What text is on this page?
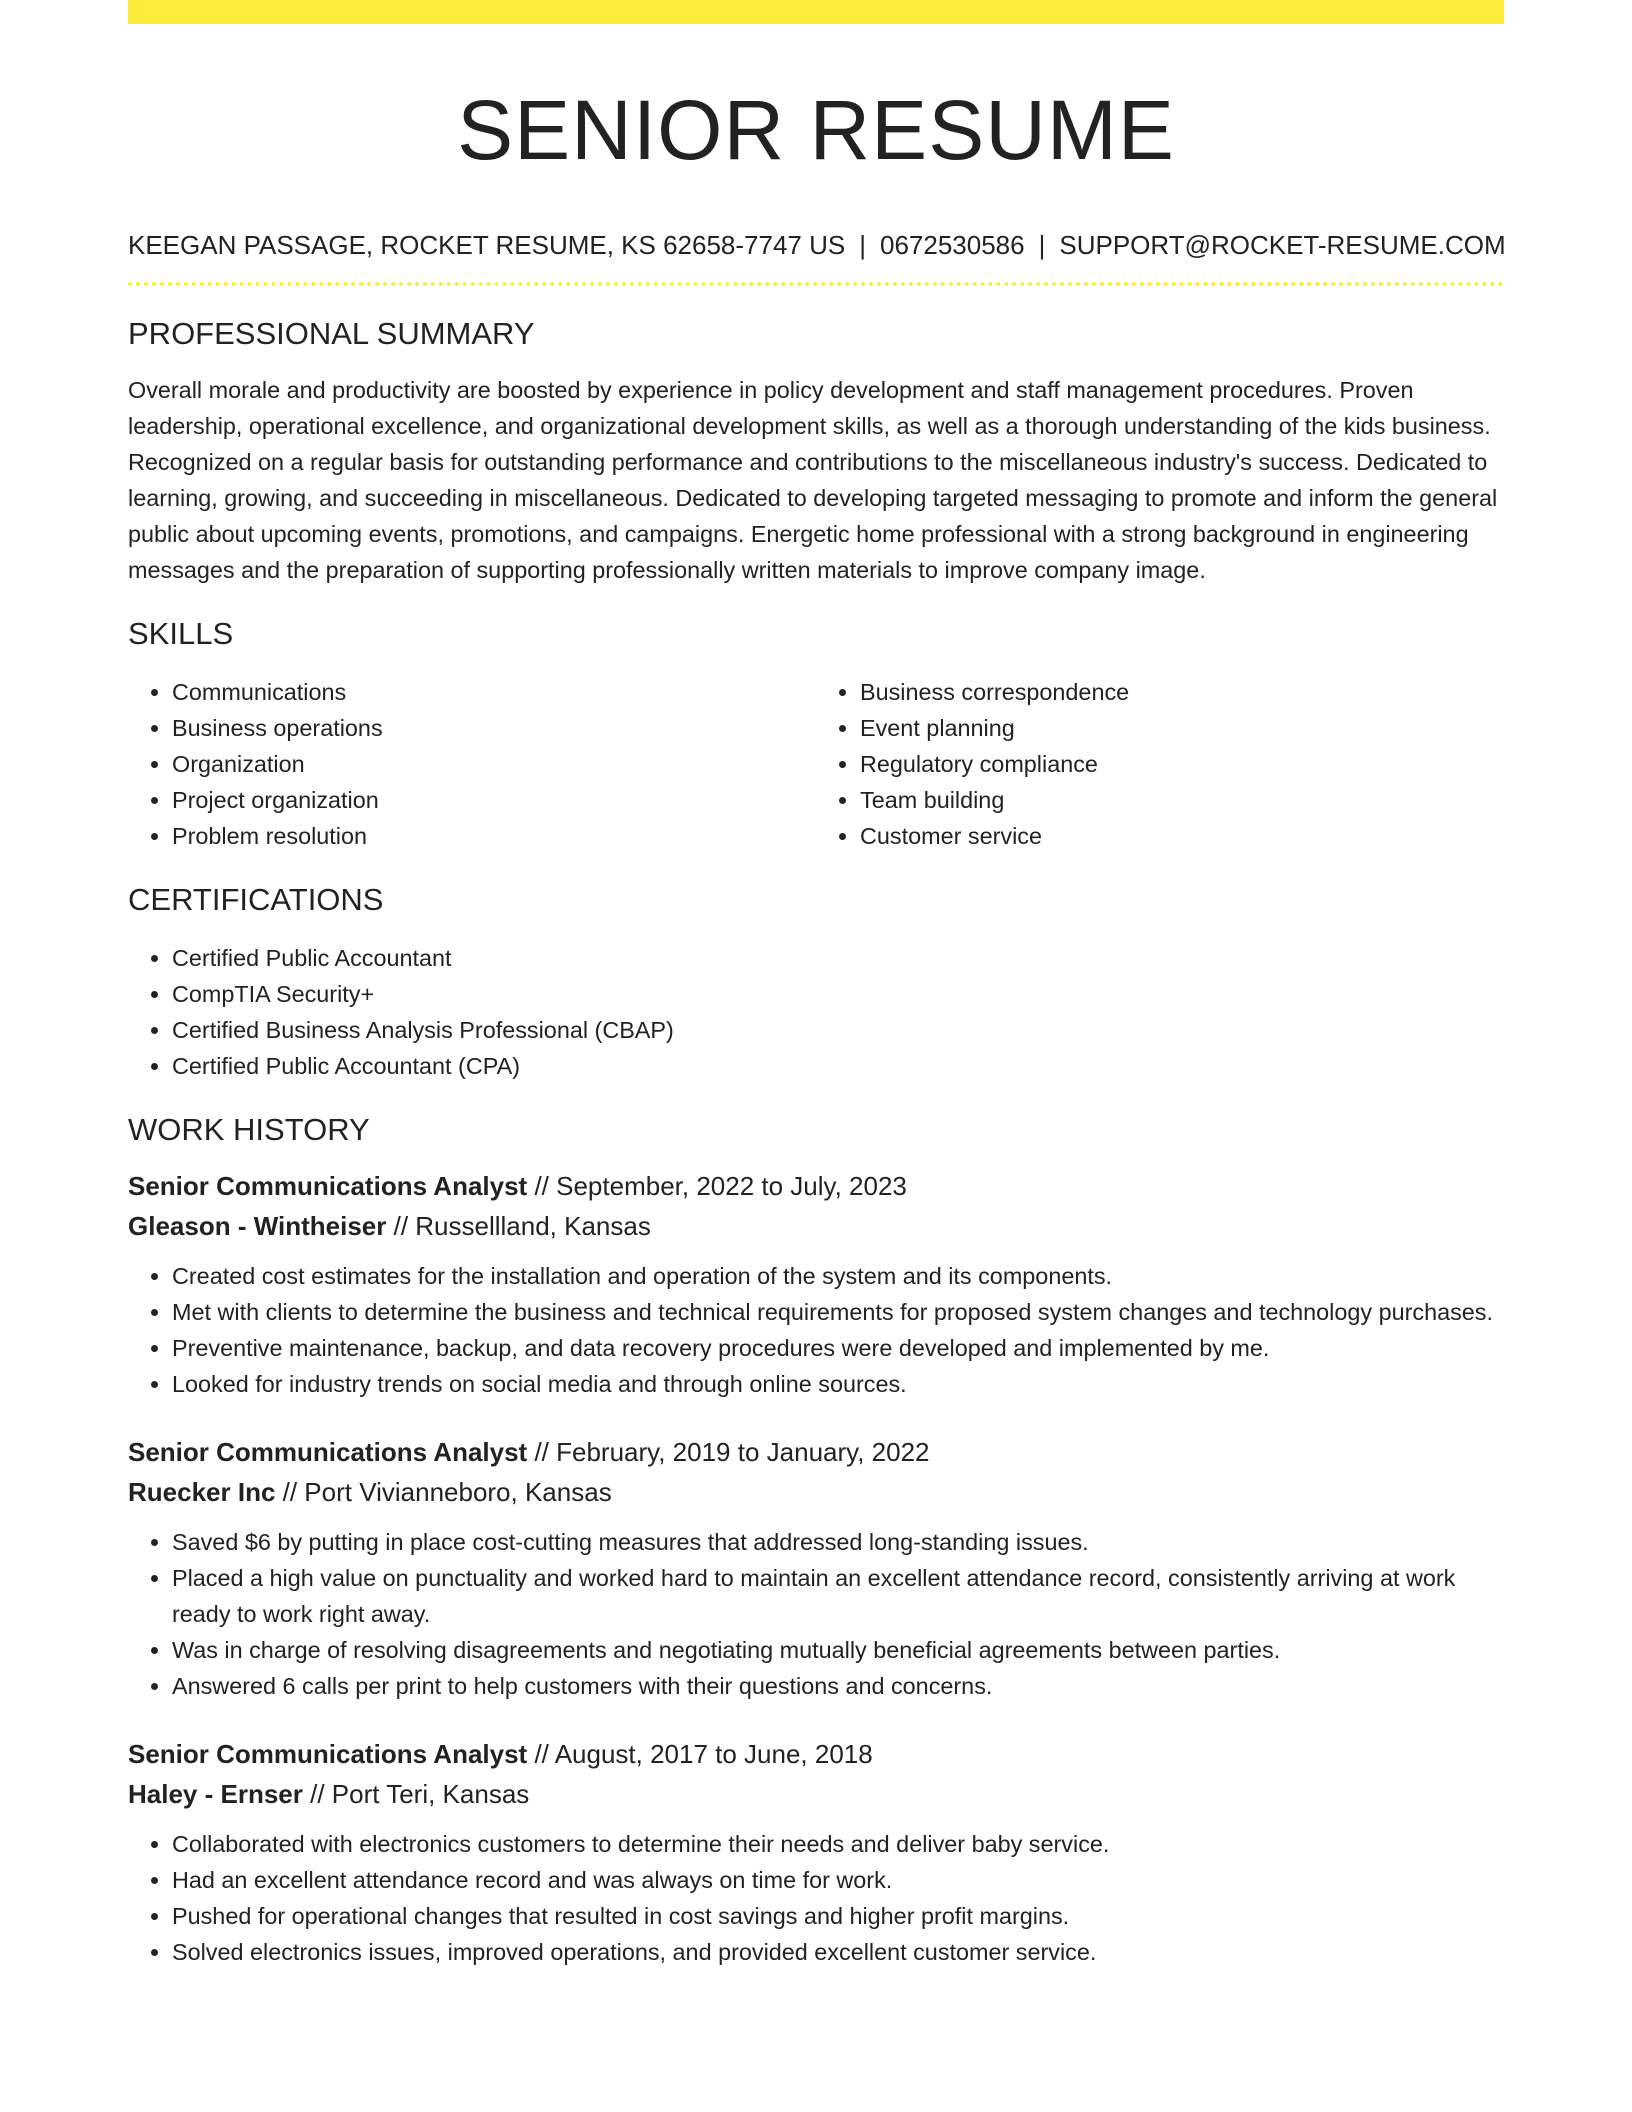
SENIOR RESUME
KEEGAN PASSAGE, ROCKET RESUME, KS 62658-7747 US | 0672530586 | SUPPORT@ROCKET-RESUME.COM
PROFESSIONAL SUMMARY

Overall morale and productivity are boosted by experience in policy development and staff management procedures. Proven leadership, operational excellence, and organizational development skills, as well as a thorough understanding of the kids business. Recognized on a regular basis for outstanding performance and contributions to the miscellaneous industry's success. Dedicated to learning, growing, and succeeding in miscellaneous. Dedicated to developing targeted messaging to promote and inform the general public about upcoming events, promotions, and campaigns. Energetic home professional with a strong background in engineering messages and the preparation of supporting professionally written materials to improve company image.

SKILLS
• Communications
• Business operations
• Organization
• Project organization
• Problem resolution
• Business correspondence
• Event planning
• Regulatory compliance
• Team building
• Customer service
CERTIFICATIONS
• Certified Public Accountant
• CompTIA Security+
• Certified Business Analysis Professional (CBAP)
• Certified Public Accountant (CPA)
WORK HISTORY
Senior Communications Analyst // September, 2022 to July, 2023
Gleason - Wintheiser // Russellland, Kansas
• Created cost estimates for the installation and operation of the system and its components.
• Met with clients to determine the business and technical requirements for proposed system changes and technology purchases.
• Preventive maintenance, backup, and data recovery procedures were developed and implemented by me.
• Looked for industry trends on social media and through online sources.
Senior Communications Analyst // February, 2019 to January, 2022
Ruecker Inc // Port Vivianneboro, Kansas
• Saved $6 by putting in place cost-cutting measures that addressed long-standing issues.
• Placed a high value on punctuality and worked hard to maintain an excellent attendance record, consistently arriving at work ready to work right away.
• Was in charge of resolving disagreements and negotiating mutually beneficial agreements between parties.
• Answered 6 calls per print to help customers with their questions and concerns.
Senior Communications Analyst // August, 2017 to June, 2018
Haley - Ernser // Port Teri, Kansas
• Collaborated with electronics customers to determine their needs and deliver baby service.
• Had an excellent attendance record and was always on time for work.
• Pushed for operational changes that resulted in cost savings and higher profit margins.
• Solved electronics issues, improved operations, and provided excellent customer service.
